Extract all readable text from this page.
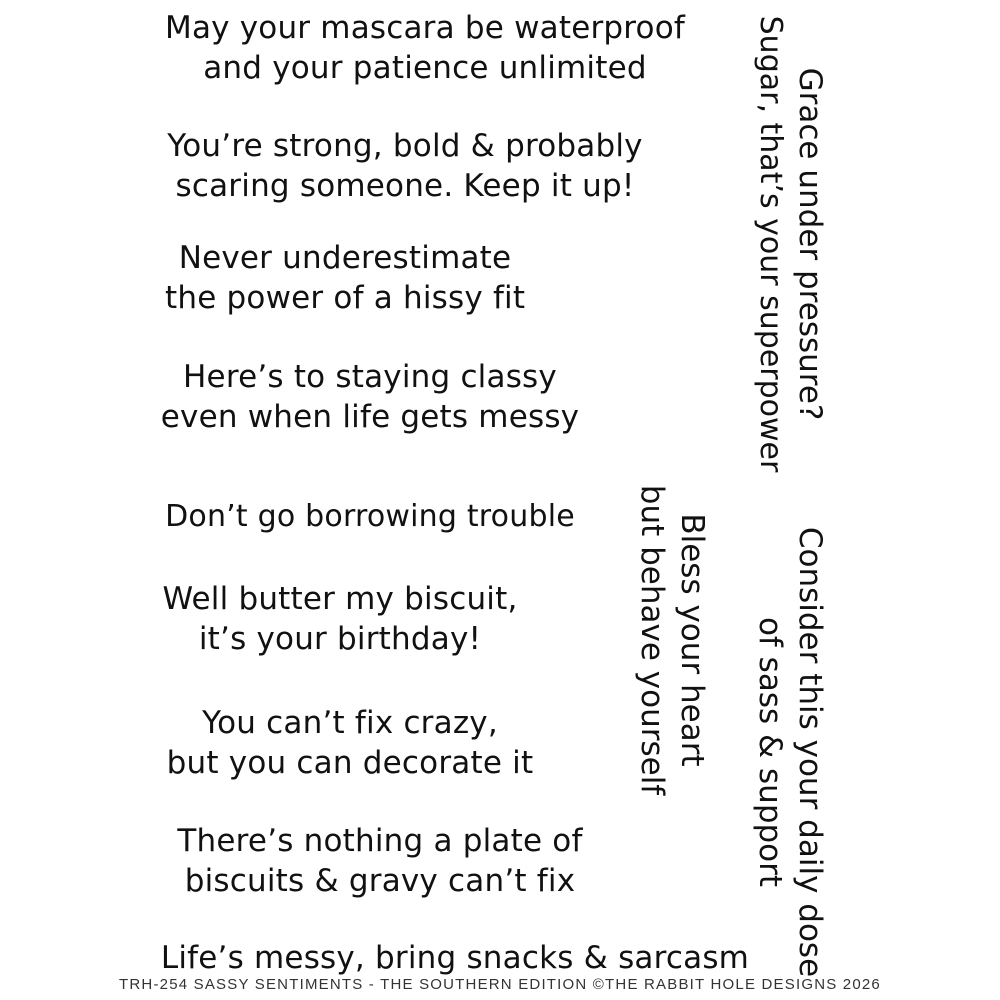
May your mascara be waterproof
and your patience unlimited
You’re strong, bold & probably
scaring someone. Keep it up!
Never underestimate
the power of a hissy fit
Here’s to staying classy
even when life gets messy
Don’t go borrowing trouble
Well butter my biscuit,
it’s your birthday!
You can’t fix crazy,
but you can decorate it
There’s nothing a plate of
biscuits & gravy can’t fix
Life’s messy, bring snacks & sarcasm
Grace under pressure?
Sugar, that’s your superpower
Bless your heart
but behave yourself	Consider this your daily dose
of sass & support
TRH-254 SASSY SENTIMENTS - THE SOUTHERN EDITION ©THE RABBIT HOLE DESIGNS 2026
